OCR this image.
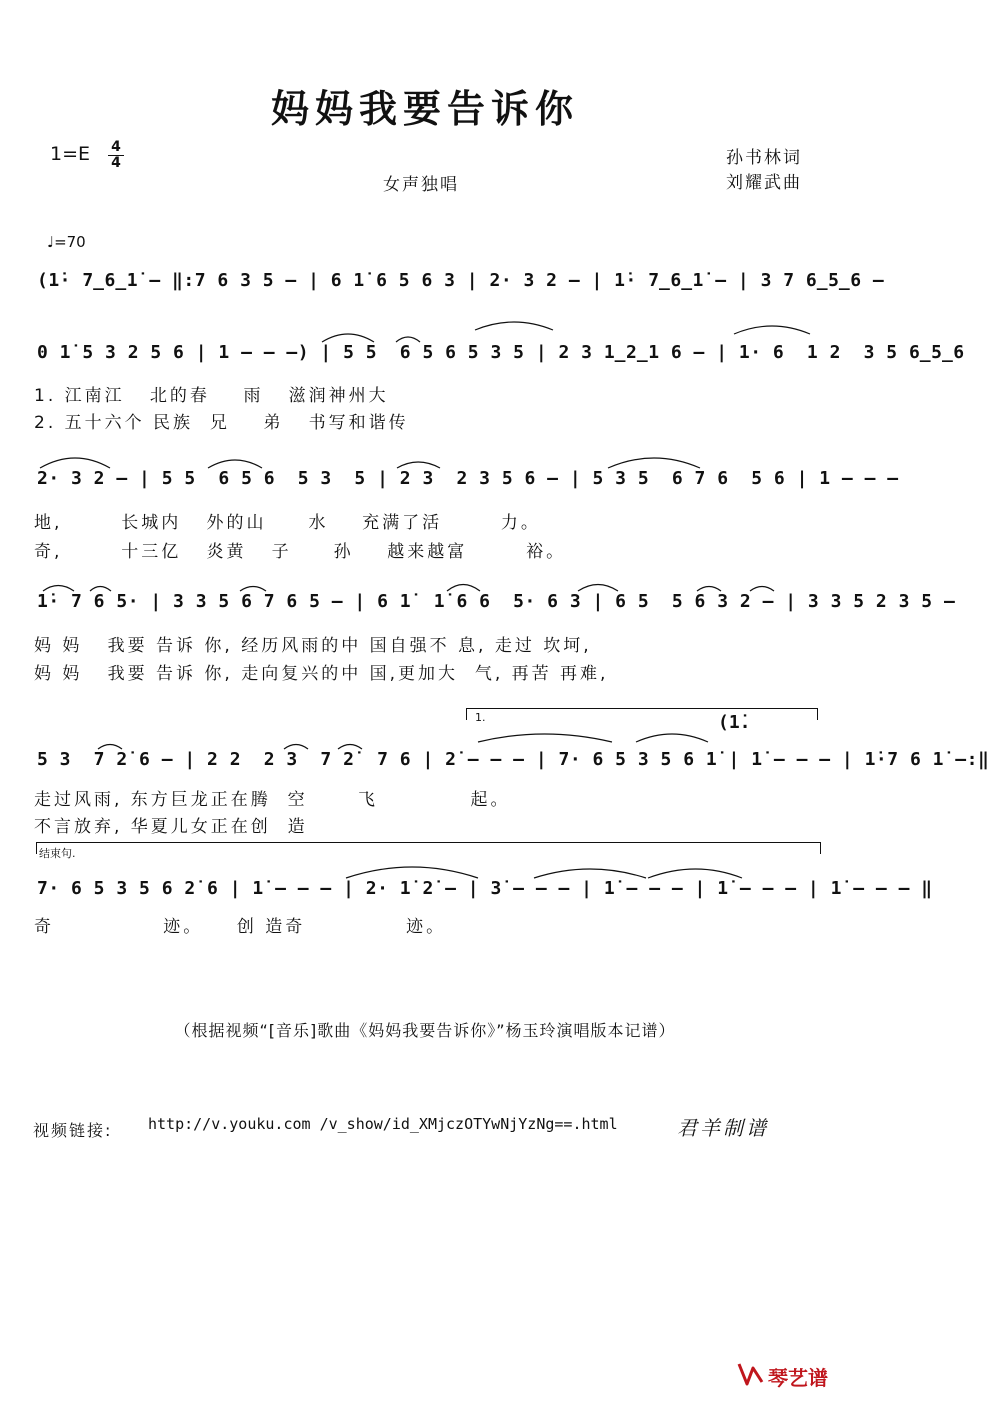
妈妈我要告诉你
1=E 4
4
女声独唱
孙书林词
刘耀武曲
♩=70
(1̇· 7̲6̲1̇ – ‖:7 6 3 5 – | 6 1̇ 6 5 6 3 | 2· 3 2 – | 1̇· 7̲6̲1̇ – | 3 7 6̲5̲6 –
0 1̇ 5 3 2 5 6 | 1 – – –) | 5 5  6 5 6 5 3 5 | 2 3 1̲2̲1 6 – | 1· 6  1 2  3 5 6̲5̲6
1. 江南江   北的春    雨   滋润神州大
2. 五十六个 民族  兄    弟   书写和谐传
2· 3 2 – | 5 5  6 5 6  5 3  5 | 2 3  2 3 5 6 – | 5 3 5  6 7 6  5 6 | 1 – – –
地,       长城内   外的山     水    充满了活       力。
奇,       十三亿   炎黄   子     孙    越来越富       裕。
1̇· 7 6 5· | 3 3 5 6 7 6 5 – | 6 1̇  1̇ 6 6  5· 6 3 | 6 5  5 6 3 2 – | 3 3 5 2 3 5 –
妈 妈   我要 告诉 你, 经历风雨的中 国自强不 息, 走过 坎坷,
妈 妈   我要 告诉 你, 走向复兴的中 国,更加大  气, 再苦 再难,
1.	(1̇.
5 3  7 2̇ 6 – | 2 2  2 3  7 2̇  7 6 | 2̇ – – – | 7· 6 5 3 5 6 1̇ | 1̇ – – – | 1̇·7 6 1̇ –:‖
走过风雨, 东方巨龙正在腾  空      飞           起。
不言放弃, 华夏儿女正在创  造
结束句.
7· 6 5 3 5 6 2̇ 6 | 1̇ – – – | 2· 1̇ 2̇ – | 3̇ – – – | 1̇ – – – | 1̇ – – – | 1̇ – – – ‖
奇             迹。    创 造奇            迹。
（根据视频“[音乐]歌曲《妈妈我要告诉你》”杨玉玲演唱版本记谱）
视频链接: http://v.youku.com /v_show/id_XMjczOTYwNjYzNg==.html	君羊制谱
琴艺谱
